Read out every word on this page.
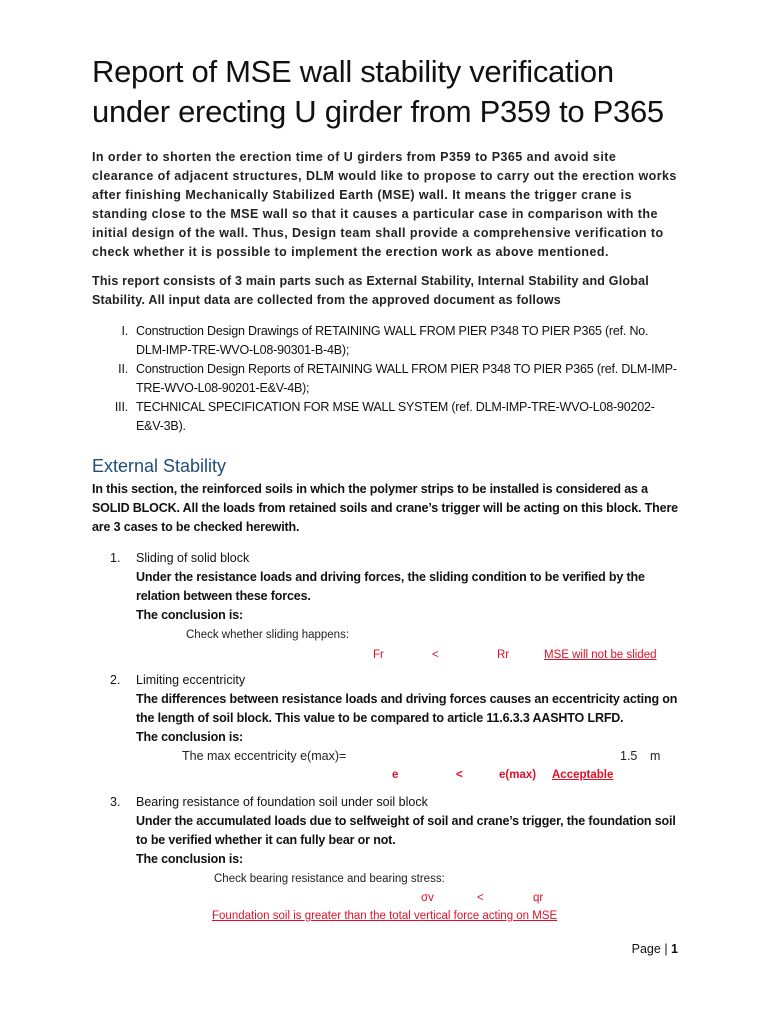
Report of MSE wall stability verification under erecting U girder from P359 to P365

In order to shorten the erection time of U girders from P359 to P365 and avoid site clearance of adjacent structures, DLM would like to propose to carry out the erection works after finishing Mechanically Stabilized Earth (MSE) wall. It means the trigger crane is standing close to the MSE wall so that it causes a particular case in comparison with the initial design of the wall. Thus, Design team shall provide a comprehensive verification to check whether it is possible to implement the erection work as above mentioned.

This report consists of 3 main parts such as External Stability, Internal Stability and Global Stability. All input data are collected from the approved document as follows

I. Construction Design Drawings of RETAINING WALL FROM PIER P348 TO PIER P365 (ref. No. DLM-IMP-TRE-WVO-L08-90301-B-4B);
II. Construction Design Reports of RETAINING WALL FROM PIER P348 TO PIER P365 (ref. DLM-IMP-TRE-WVO-L08-90201-E&V-4B);
III. TECHNICAL SPECIFICATION FOR MSE WALL SYSTEM (ref. DLM-IMP-TRE-WVO-L08-90202-E&V-3B).
External Stability

In this section, the reinforced soils in which the polymer strips to be installed is considered as a SOLID BLOCK. All the loads from retained soils and crane’s trigger will be acting on this block. There are 3 cases to be checked herewith.

1. Sliding of solid block
Under the resistance loads and driving forces, the sliding condition to be verified by the relation between these forces.
The conclusion is:
Check whether sliding happens:
Fr	<	Rr	MSE will not be slided
2. Limiting eccentricity
The differences between resistance loads and driving forces causes an eccentricity acting on the length of soil block. This value to be compared to article 11.6.3.3 AASHTO LRFD.
The conclusion is:
The max eccentricity e(max)=	1.5 m
e	<	e(max) Acceptable
3. Bearing resistance of foundation soil under soil block
Under the accumulated loads due to selfweight of soil and crane’s trigger, the foundation soil to be verified whether it can fully bear or not.
The conclusion is:
Check bearing resistance and bearing stress:
σv	<	qr
Foundation soil is greater than the total vertical force acting on MSE
Page | 1
